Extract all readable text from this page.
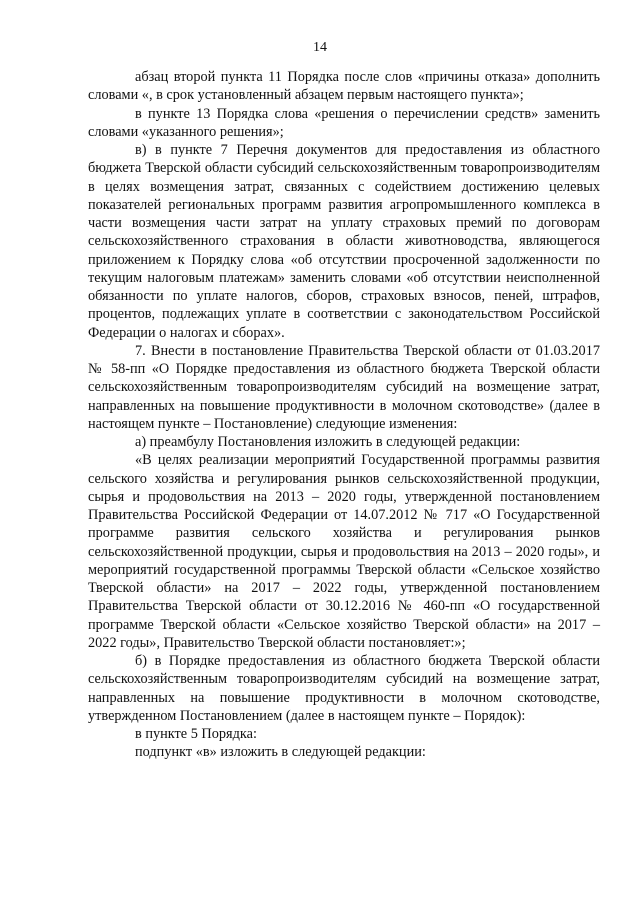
14

абзац второй пункта 11 Порядка после слов «причины отказа» дополнить словами «, в срок установленный абзацем первым настоящего пункта»;

в пункте 13 Порядка слова «решения о перечислении средств» заменить словами «указанного решения»;

в) в пункте 7 Перечня документов для предоставления из областного бюджета Тверской области субсидий сельскохозяйственным товаропроизводителям в целях возмещения затрат, связанных с содействием достижению целевых показателей региональных программ развития агропромышленного комплекса в части возмещения части затрат на уплату страховых премий по договорам сельскохозяйственного страхования в области животноводства, являющегося приложением к Порядку слова «об отсутствии просроченной задолженности по текущим налоговым платежам» заменить словами «об отсутствии неисполненной обязанности по уплате налогов, сборов, страховых взносов, пеней, штрафов, процентов, подлежащих уплате в соответствии с законодательством Российской Федерации о налогах и сборах».

7. Внести в постановление Правительства Тверской области от 01.03.2017 № 58-пп «О Порядке предоставления из областного бюджета Тверской области сельскохозяйственным товаропроизводителям субсидий на возмещение затрат, направленных на повышение продуктивности в молочном скотоводстве» (далее в настоящем пункте – Постановление) следующие изменения:

а) преамбулу Постановления изложить в следующей редакции:

«В целях реализации мероприятий Государственной программы развития сельского хозяйства и регулирования рынков сельскохозяйственной продукции, сырья и продовольствия на 2013 – 2020 годы, утвержденной постановлением Правительства Российской Федерации от 14.07.2012 № 717 «О Государственной программе развития сельского хозяйства и регулирования рынков сельскохозяйственной продукции, сырья и продовольствия на 2013 – 2020 годы», и мероприятий государственной программы Тверской области «Сельское хозяйство Тверской области» на 2017 – 2022 годы, утвержденной постановлением Правительства Тверской области от 30.12.2016 № 460-пп «О государственной программе Тверской области «Сельское хозяйство Тверской области» на 2017 – 2022 годы», Правительство Тверской области постановляет:»;

б) в Порядке предоставления из областного бюджета Тверской области сельскохозяйственным товаропроизводителям субсидий на возмещение затрат, направленных на повышение продуктивности в молочном скотоводстве, утвержденном Постановлением (далее в настоящем пункте – Порядок):

в пункте 5 Порядка:

подпункт «в» изложить в следующей редакции:
